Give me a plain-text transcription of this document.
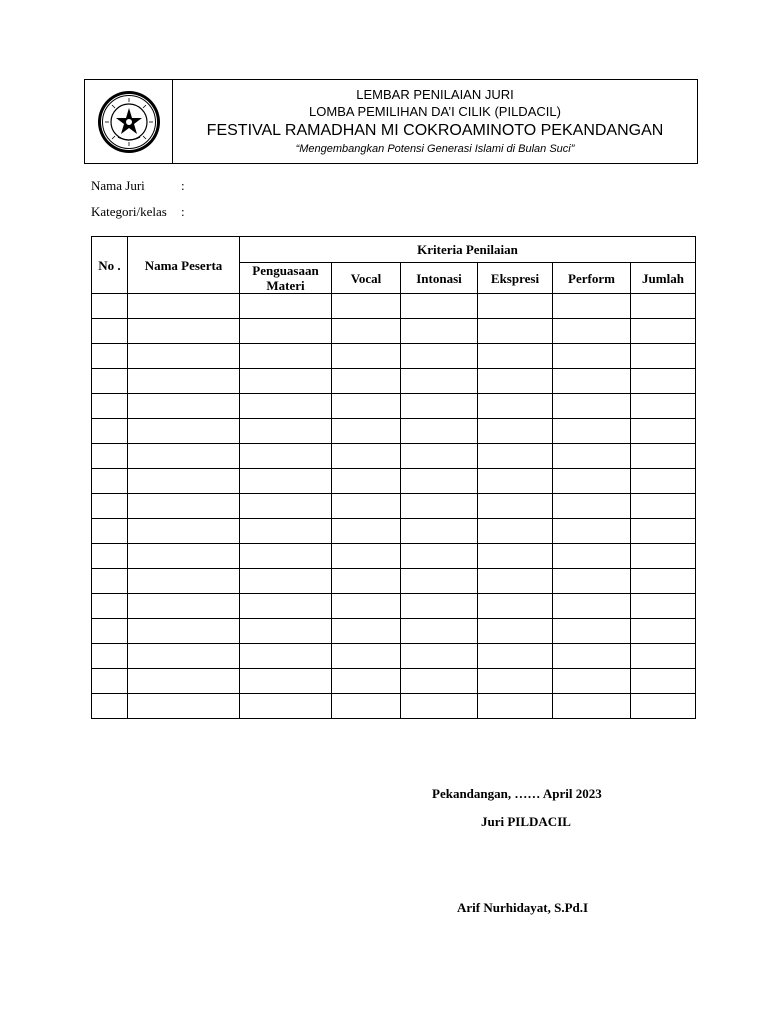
LEMBAR PENILAIAN JURI
LOMBA PEMILIHAN DA’I CILIK (PILDACIL)
FESTIVAL RAMADHAN MI COKROAMINOTO PEKANDANGAN
“Mengembangkan Potensi Generasi Islami di Bulan Suci”
Nama Juri	:
Kategori/kelas :
No .	Nama Peserta	Kriteria Penilaian					
		Penguasaan Materi	Vocal	Intonasi	Ekspresi	Perform	Jumlah

Pekandangan, …… April 2023
Juri PILDACIL
Arif Nurhidayat, S.Pd.I
